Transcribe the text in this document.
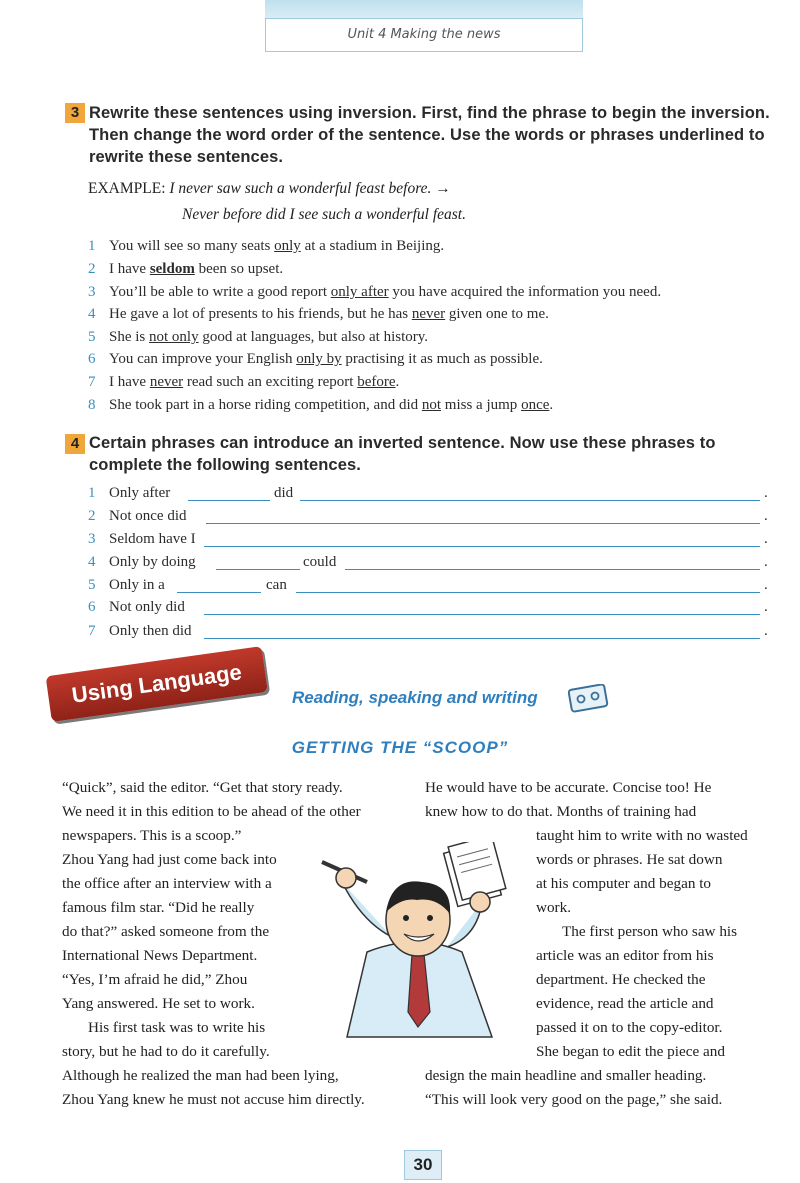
Unit 4 Making the news
3 Rewrite these sentences using inversion. First, find the phrase to begin the inversion. Then change the word order of the sentence. Use the words or phrases underlined to rewrite these sentences.
EXAMPLE: I never saw such a wonderful feast before. →
Never before did I see such a wonderful feast.
1 You will see so many seats only at a stadium in Beijing.
2 I have seldom been so upset.
3 You’ll be able to write a good report only after you have acquired the information you need.
4 He gave a lot of presents to his friends, but he has never given one to me.
5 She is not only good at languages, but also at history.
6 You can improve your English only by practising it as much as possible.
7 I have never read such an exciting report before.
8 She took part in a horse riding competition, and did not miss a jump once.
4 Certain phrases can introduce an inverted sentence. Now use these phrases to complete the following sentences.
1 Only after	did	.
2 Not once did	.
3 Seldom have I	.
4 Only by doing	could	.
5 Only in a	can	.
6 Not only did	.
7 Only then did	.
Using Language	Reading, speaking and writing
GETTING THE “SCOOP”

“Quick”, said the editor. “Get that story ready.

We need it in this edition to be ahead of the other

newspapers. This is a scoop.”

Zhou Yang had just come back into

the office after an interview with a

famous film star. “Did he really

do that?” asked someone from the

International News Department.

“Yes, I’m afraid he did,” Zhou

Yang answered. He set to work.

His first task was to write his

story, but he had to do it carefully.

Although he realized the man had been lying,

Zhou Yang knew he must not accuse him directly.

He would have to be accurate. Concise too! He

knew how to do that. Months of training had

taught him to write with no wasted

words or phrases. He sat down

at his computer and began to

work.

The first person who saw his

article was an editor from his

department. He checked the

evidence, read the article and

passed it on to the copy-editor.

She began to edit the piece and

design the main headline and smaller heading.

“This will look very good on the page,” she said.

30
